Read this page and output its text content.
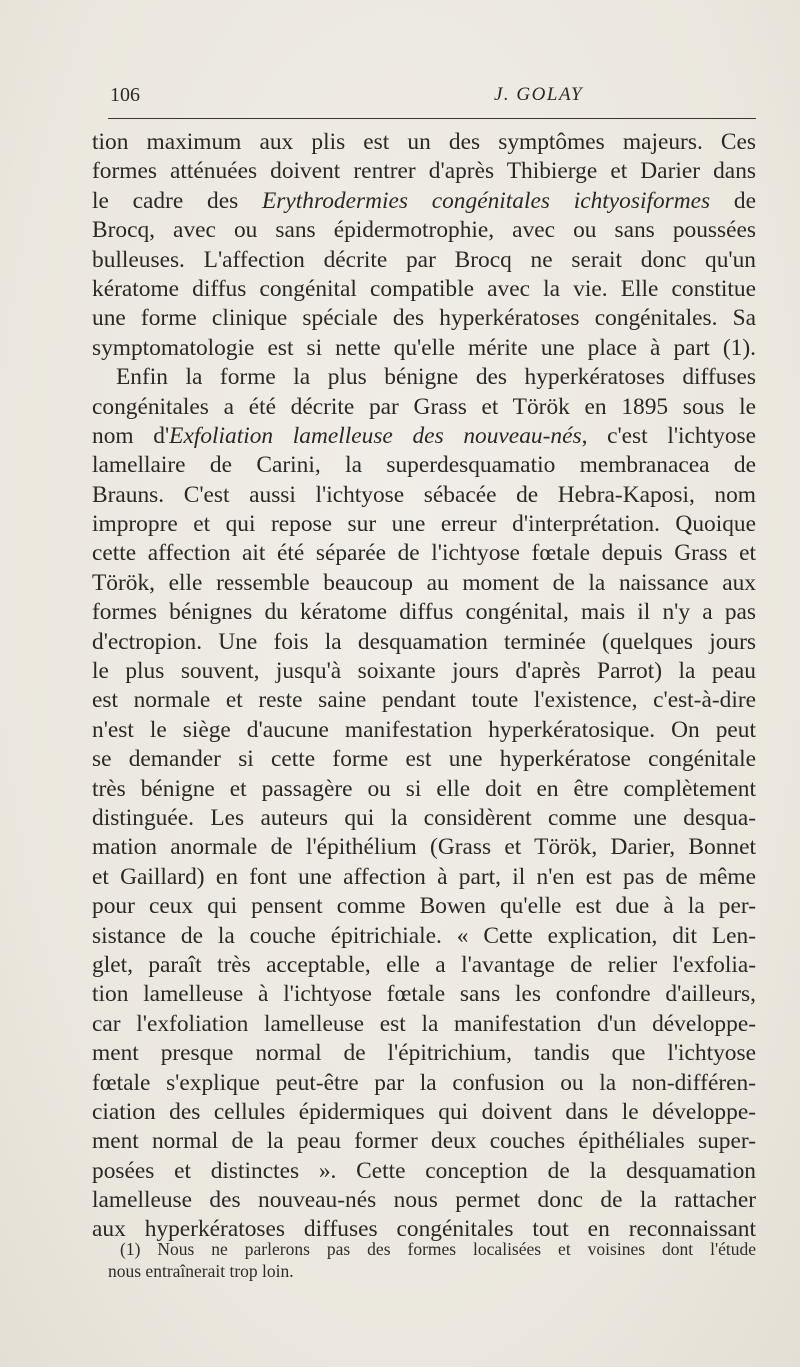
106	J. GOLAY
tion maximum aux plis est un des symptômes majeurs. Ces
formes atténuées doivent rentrer d'après Thibierge et Darier dans
le cadre des Erythrodermies congénitales ichtyosiformes de
Brocq, avec ou sans épidermotrophie, avec ou sans poussées
bulleuses. L'affection décrite par Brocq ne serait donc qu'un
kératome diffus congénital compatible avec la vie. Elle constitue
une forme clinique spéciale des hyperkératoses congénitales. Sa
symptomatologie est si nette qu'elle mérite une place à part (1).
Enfin la forme la plus bénigne des hyperkératoses diffuses
congénitales a été décrite par Grass et Török en 1895 sous le
nom d'Exfoliation lamelleuse des nouveau-nés, c'est l'ichtyose
lamellaire de Carini, la superdesquamatio membranacea de
Brauns. C'est aussi l'ichtyose sébacée de Hebra-Kaposi, nom
impropre et qui repose sur une erreur d'interprétation. Quoique
cette affection ait été séparée de l'ichtyose fœtale depuis Grass et
Török, elle ressemble beaucoup au moment de la naissance aux
formes bénignes du kératome diffus congénital, mais il n'y a pas
d'ectropion. Une fois la desquamation terminée (quelques jours
le plus souvent, jusqu'à soixante jours d'après Parrot) la peau
est normale et reste saine pendant toute l'existence, c'est-à-dire
n'est le siège d'aucune manifestation hyperkératosique. On peut
se demander si cette forme est une hyperkératose congénitale
très bénigne et passagère ou si elle doit en être complètement
distinguée. Les auteurs qui la considèrent comme une desqua-
mation anormale de l'épithélium (Grass et Török, Darier, Bonnet
et Gaillard) en font une affection à part, il n'en est pas de même
pour ceux qui pensent comme Bowen qu'elle est due à la per-
sistance de la couche épitrichiale. « Cette explication, dit Len-
glet, paraît très acceptable, elle a l'avantage de relier l'exfolia-
tion lamelleuse à l'ichtyose fœtale sans les confondre d'ailleurs,
car l'exfoliation lamelleuse est la manifestation d'un développe-
ment presque normal de l'épitrichium, tandis que l'ichtyose
fœtale s'explique peut-être par la confusion ou la non-différen-
ciation des cellules épidermiques qui doivent dans le développe-
ment normal de la peau former deux couches épithéliales super-
posées et distinctes ». Cette conception de la desquamation
lamelleuse des nouveau-nés nous permet donc de la rattacher
aux hyperkératoses diffuses congénitales tout en reconnaissant
(1) Nous ne parlerons pas des formes localisées et voisines dont l'étude
nous entraînerait trop loin.
